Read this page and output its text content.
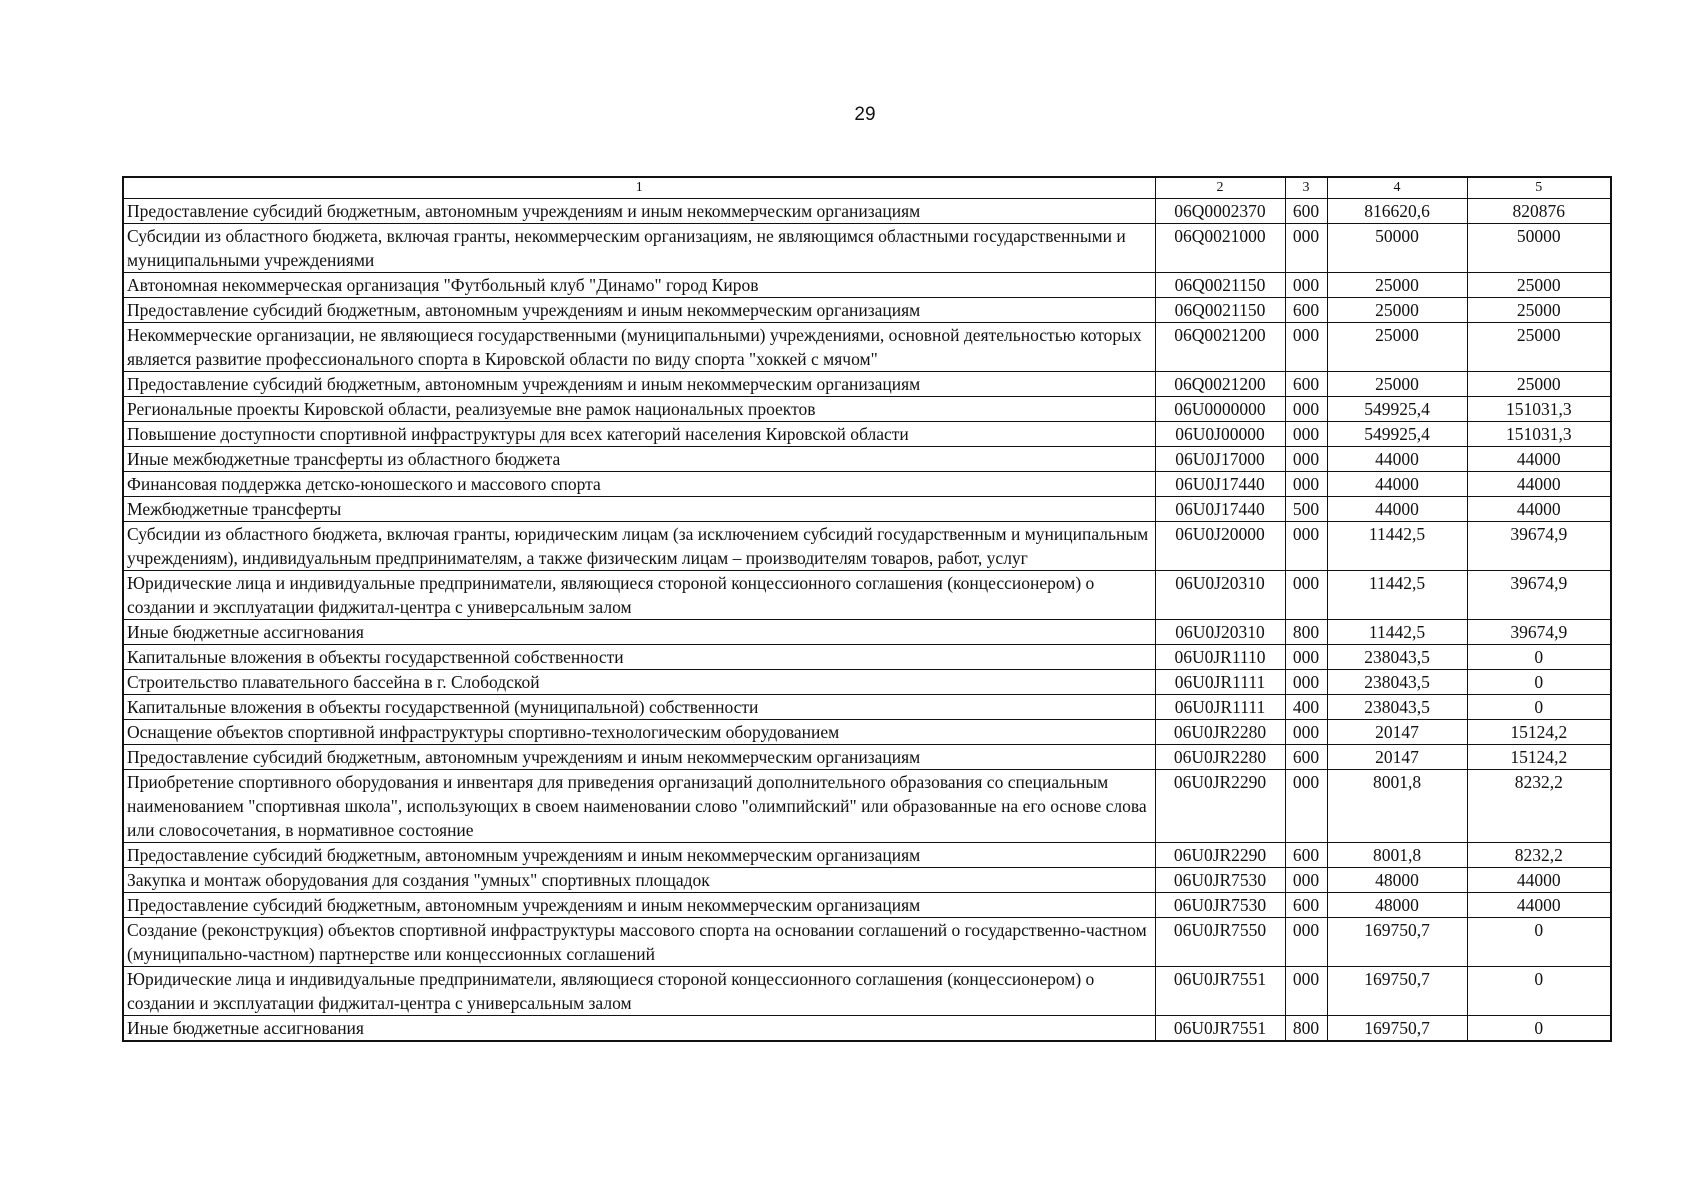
29
1	2	3	4	5
Предоставление субсидий бюджетным, автономным учреждениям и иным некоммерческим организациям	06Q0002370	600	816620,6	820876
Субсидии из областного бюджета, включая гранты, некоммерческим организациям, не являющимся областными государственными и муниципальными учреждениями	06Q0021000	000	50000	50000
Автономная некоммерческая организация "Футбольный клуб "Динамо" город Киров	06Q0021150	000	25000	25000
Предоставление субсидий бюджетным, автономным учреждениям и иным некоммерческим организациям	06Q0021150	600	25000	25000
Некоммерческие организации, не являющиеся государственными (муниципальными) учреждениями, основной деятельностью которых является развитие профессионального спорта в Кировской области по виду спорта "хоккей с мячом"	06Q0021200	000	25000	25000
Предоставление субсидий бюджетным, автономным учреждениям и иным некоммерческим организациям	06Q0021200	600	25000	25000
Региональные проекты Кировской области, реализуемые вне рамок национальных проектов	06U0000000	000	549925,4	151031,3
Повышение доступности спортивной инфраструктуры для всех категорий населения Кировской области	06U0J00000	000	549925,4	151031,3
Иные межбюджетные трансферты из областного бюджета	06U0J17000	000	44000	44000
Финансовая поддержка детско-юношеского и массового спорта	06U0J17440	000	44000	44000
Межбюджетные трансферты	06U0J17440	500	44000	44000
Субсидии из областного бюджета, включая гранты, юридическим лицам (за исключением субсидий государственным и муниципальным учреждениям), индивидуальным предпринимателям, а также физическим лицам – производителям товаров, работ, услуг	06U0J20000	000	11442,5	39674,9
Юридические лица и индивидуальные предприниматели, являющиеся стороной концессионного соглашения (концессионером) о создании и эксплуатации фиджитал-центра с универсальным залом	06U0J20310	000	11442,5	39674,9
Иные бюджетные ассигнования	06U0J20310	800	11442,5	39674,9
Капитальные вложения в объекты государственной собственности	06U0JR1110	000	238043,5	0
Строительство плавательного бассейна в г. Слободской	06U0JR1111	000	238043,5	0
Капитальные вложения в объекты государственной (муниципальной) собственности	06U0JR1111	400	238043,5	0
Оснащение объектов спортивной инфраструктуры спортивно-технологическим оборудованием	06U0JR2280	000	20147	15124,2
Предоставление субсидий бюджетным, автономным учреждениям и иным некоммерческим организациям	06U0JR2280	600	20147	15124,2
Приобретение спортивного оборудования и инвентаря для приведения организаций дополнительного образования со специальным наименованием "спортивная школа", использующих в своем наименовании слово "олимпийский" или образованные на его основе слова или словосочетания, в нормативное состояние	06U0JR2290	000	8001,8	8232,2
Предоставление субсидий бюджетным, автономным учреждениям и иным некоммерческим организациям	06U0JR2290	600	8001,8	8232,2
Закупка и монтаж оборудования для создания "умных" спортивных площадок	06U0JR7530	000	48000	44000
Предоставление субсидий бюджетным, автономным учреждениям и иным некоммерческим организациям	06U0JR7530	600	48000	44000
Создание (реконструкция) объектов спортивной инфраструктуры массового спорта на основании соглашений о государственно-частном (муниципально-частном) партнерстве или концессионных соглашений	06U0JR7550	000	169750,7	0
Юридические лица и индивидуальные предприниматели, являющиеся стороной концессионного соглашения (концессионером) о создании и эксплуатации фиджитал-центра с универсальным залом	06U0JR7551	000	169750,7	0
Иные бюджетные ассигнования	06U0JR7551	800	169750,7	0
